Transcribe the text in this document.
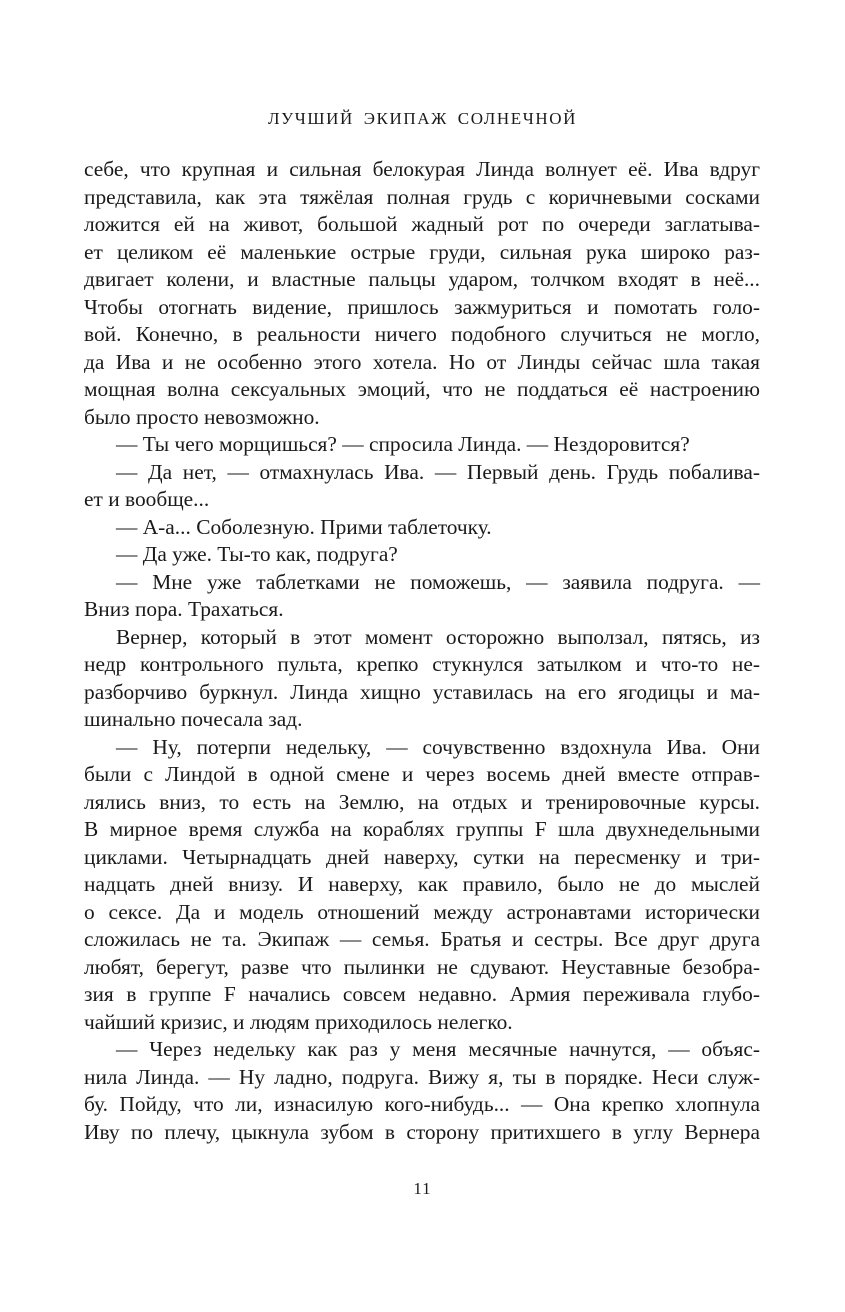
ЛУЧШИЙ ЭКИПАЖ СОЛНЕЧНОЙ
себе, что крупная и сильная белокурая Линда волнует её. Ива вдруг
представила, как эта тяжёлая полная грудь с коричневыми сосками
ложится ей на живот, большой жадный рот по очереди заглатыва-
ет целиком её маленькие острые груди, сильная рука широко раз-
двигает колени, и властные пальцы ударом, толчком входят в неё...
Чтобы отогнать видение, пришлось зажмуриться и помотать голо-
вой. Конечно, в реальности ничего подобного случиться не могло,
да Ива и не особенно этого хотела. Но от Линды сейчас шла такая
мощная волна сексуальных эмоций, что не поддаться её настроению
было просто невозможно.
— Ты чего морщишься? — спросила Линда. — Нездоровится?
— Да нет, — отмахнулась Ива. — Первый день. Грудь побалива-
ет и вообще...
— А-а... Соболезную. Прими таблеточку.
— Да уже. Ты-то как, подруга?
— Мне уже таблетками не поможешь, — заявила подруга. —
Вниз пора. Трахаться.
Вернер, который в этот момент осторожно выползал, пятясь, из
недр контрольного пульта, крепко стукнулся затылком и что-то не-
разборчиво буркнул. Линда хищно уставилась на его ягодицы и ма-
шинально почесала зад.
— Ну, потерпи недельку, — сочувственно вздохнула Ива. Они
были с Линдой в одной смене и через восемь дней вместе отправ-
лялись вниз, то есть на Землю, на отдых и тренировочные курсы.
В мирное время служба на кораблях группы F шла двухнедельными
циклами. Четырнадцать дней наверху, сутки на пересменку и три-
надцать дней внизу. И наверху, как правило, было не до мыслей
о сексе. Да и модель отношений между астронавтами исторически
сложилась не та. Экипаж — семья. Братья и сестры. Все друг друга
любят, берегут, разве что пылинки не сдувают. Неуставные безобра-
зия в группе F начались совсем недавно. Армия переживала глубо-
чайший кризис, и людям приходилось нелегко.
— Через недельку как раз у меня месячные начнутся, — объяс-
нила Линда. — Ну ладно, подруга. Вижу я, ты в порядке. Неси служ-
бу. Пойду, что ли, изнасилую кого-нибудь... — Она крепко хлопнула
Иву по плечу, цыкнула зубом в сторону притихшего в углу Вернера
11
